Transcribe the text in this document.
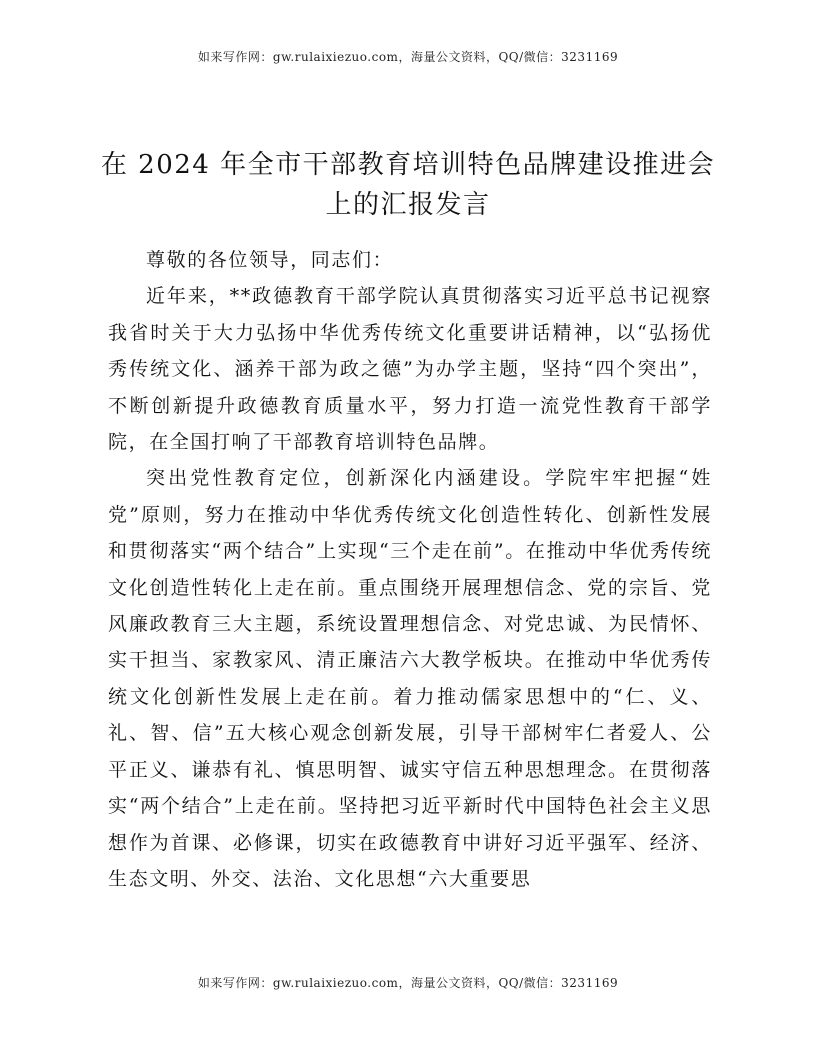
如来写作网：gw.rulaixiezuo.com，海量公文资料，QQ/微信：3231169
在 2024 年全市干部教育培训特色品牌建设推进会上的汇报发言

尊敬的各位领导，同志们：

近年来，**政德教育干部学院认真贯彻落实习近平总书记视察我省时关于大力弘扬中华优秀传统文化重要讲话精神，以“弘扬优秀传统文化、涵养干部为政之德”为办学主题，坚持“四个突出”，不断创新提升政德教育质量水平，努力打造一流党性教育干部学院，在全国打响了干部教育培训特色品牌。

突出党性教育定位，创新深化内涵建设。学院牢牢把握“姓党”原则，努力在推动中华优秀传统文化创造性转化、创新性发展和贯彻落实“两个结合”上实现“三个走在前”。在推动中华优秀传统文化创造性转化上走在前。重点围绕开展理想信念、党的宗旨、党风廉政教育三大主题，系统设置理想信念、对党忠诚、为民情怀、实干担当、家教家风、清正廉洁六大教学板块。在推动中华优秀传统文化创新性发展上走在前。着力推动儒家思想中的“仁、义、礼、智、信”五大核心观念创新发展，引导干部树牢仁者爱人、公平正义、谦恭有礼、慎思明智、诚实守信五种思想理念。在贯彻落实“两个结合”上走在前。坚持把习近平新时代中国特色社会主义思想作为首课、必修课，切实在政德教育中讲好习近平强军、经济、生态文明、外交、法治、文化思想“六大重要思

如来写作网：gw.rulaixiezuo.com，海量公文资料，QQ/微信：3231169
